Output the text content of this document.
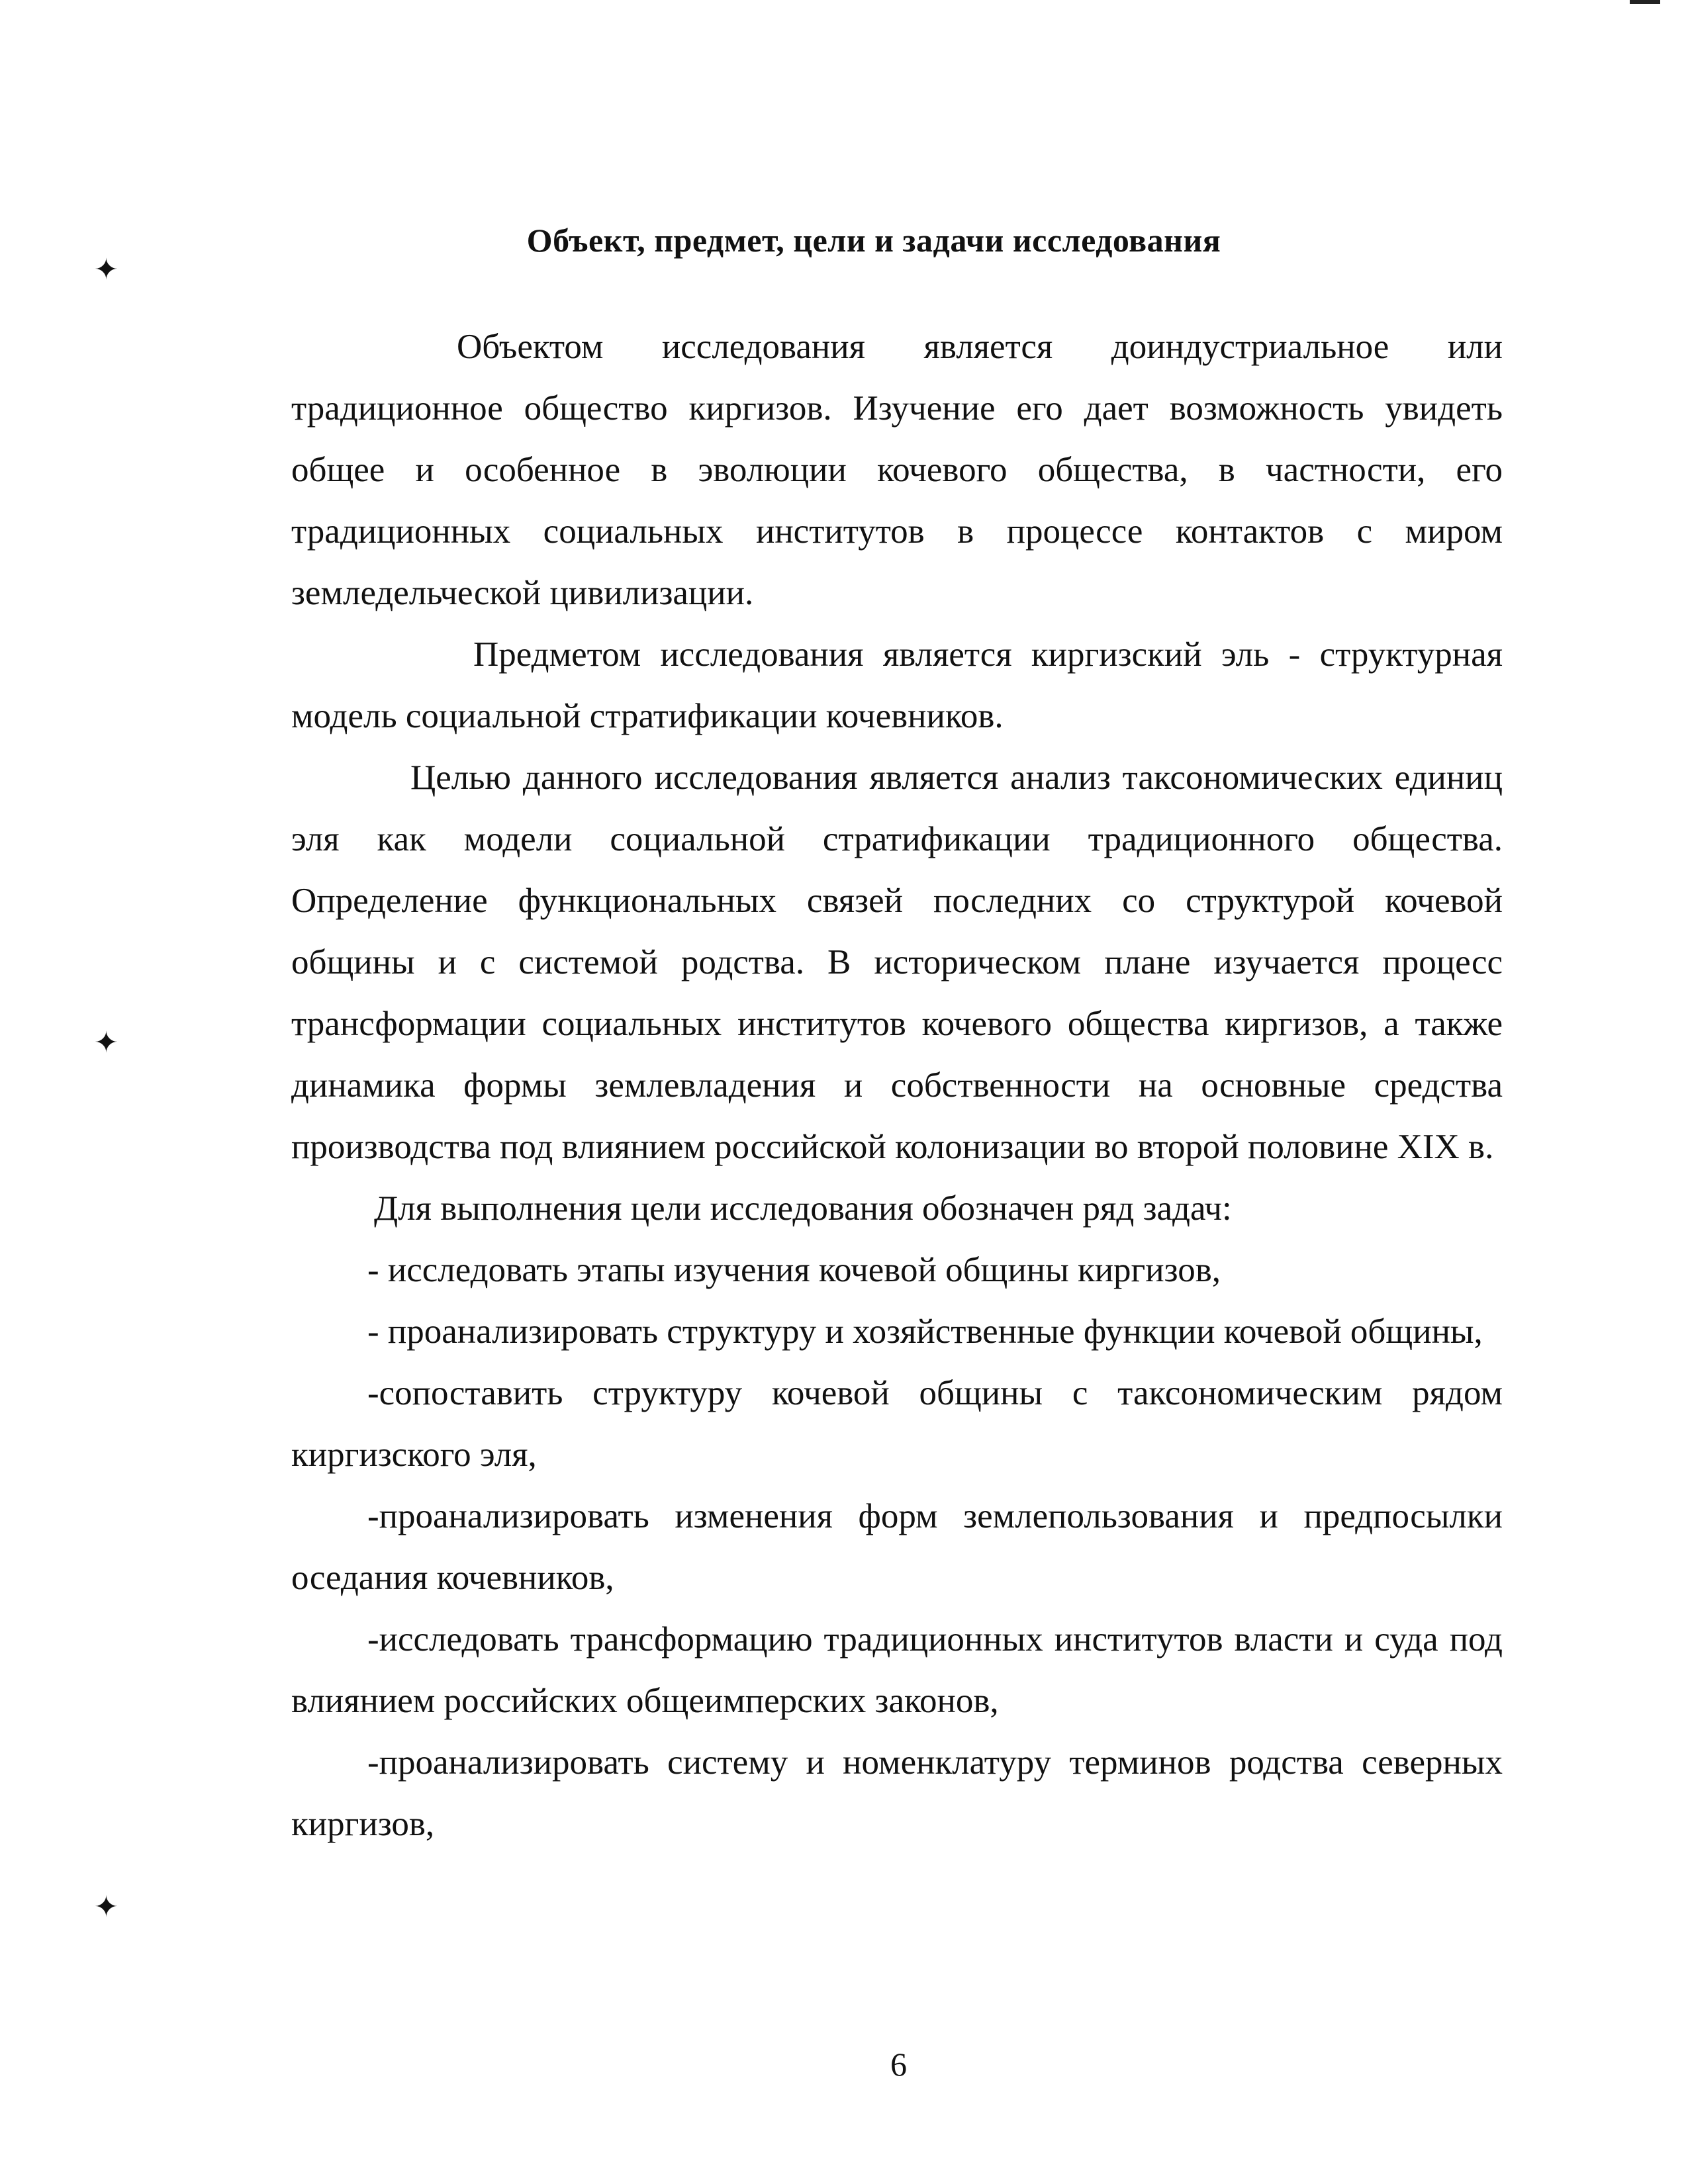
✦
✦
✦
Объект, предмет, цели и задачи исследования

Объектом исследования является доиндустриальное или традиционное общество киргизов. Изучение его дает возможность увидеть общее и особенное в эволюции кочевого общества, в частности, его традиционных социальных институтов в процессе контактов с миром земледельческой цивилизации.

Предметом исследования является киргизский эль - структурная модель социальной стратификации кочевников.

Целью данного исследования является анализ таксономических единиц эля как модели социальной стратификации традиционного общества. Определение функциональных связей последних со структурой кочевой общины и с системой родства. В историческом плане изучается процесс трансформации социальных институтов кочевого общества киргизов, а также динамика формы землевладения и собственности на основные средства производства под влиянием российской колонизации во второй половине XIX в.

Для выполнения цели исследования обозначен ряд задач:

- исследовать этапы изучения кочевой общины киргизов,

- проанализировать структуру и хозяйственные функции кочевой общины,

-сопоставить структуру кочевой общины с таксономическим рядом киргизского эля,

-проанализировать изменения форм землепользования и предпосылки оседания кочевников,

-исследовать трансформацию традиционных институтов власти и суда под влиянием российских общеимперских законов,

-проанализировать систему и номенклатуру терминов родства северных киргизов,

6
